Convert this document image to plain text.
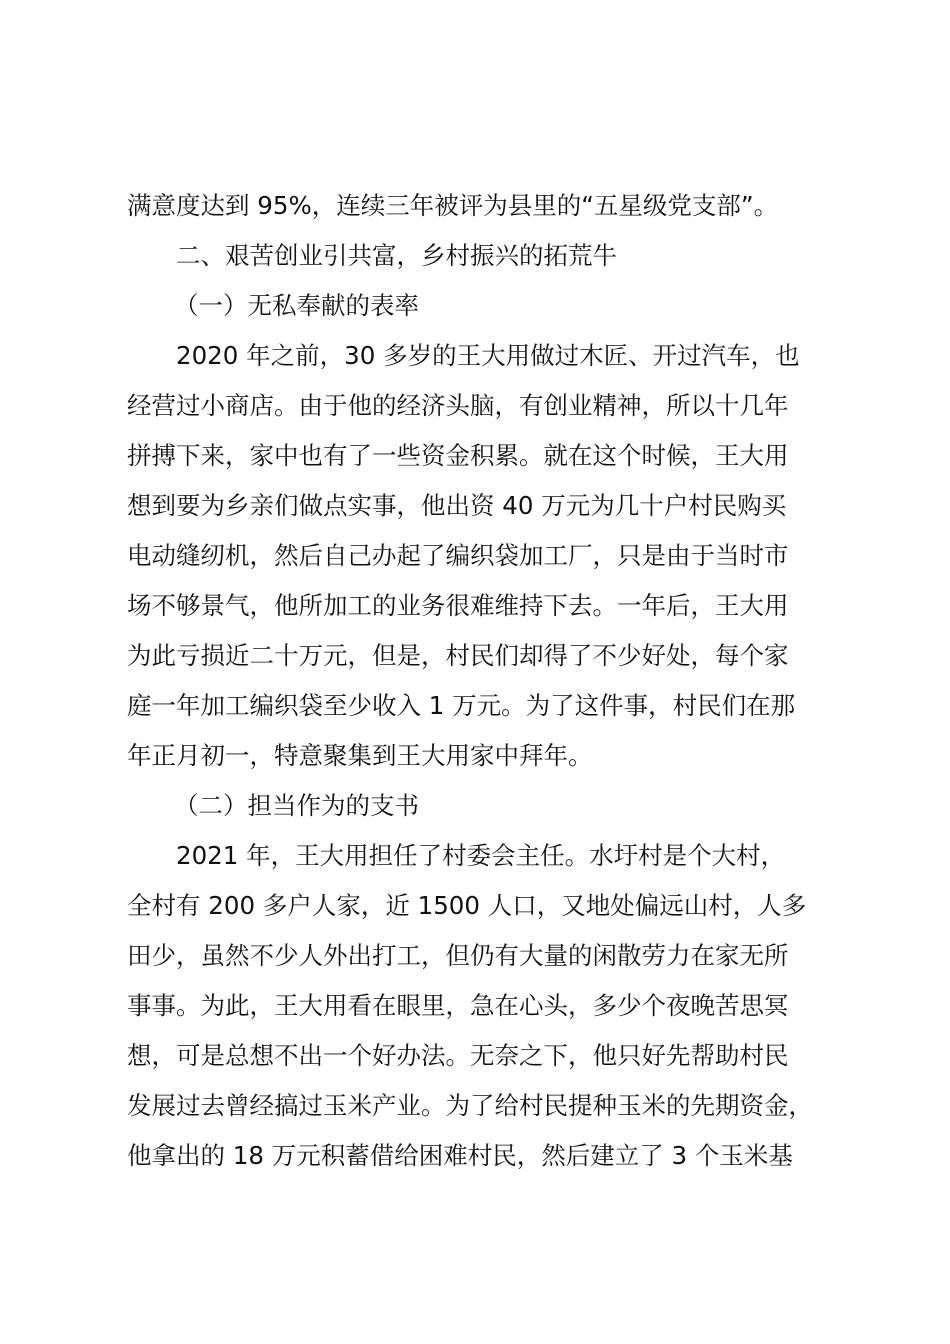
满意度达到 95%，连续三年被评为县里的“五星级党支部”。
二、艰苦创业引共富，乡村振兴的拓荒牛
（一）无私奉献的表率
2020 年之前，30 多岁的王大用做过木匠、开过汽车，也
经营过小商店。由于他的经济头脑，有创业精神，所以十几年
拼搏下来，家中也有了一些资金积累。就在这个时候，王大用
想到要为乡亲们做点实事，他出资 40 万元为几十户村民购买
电动缝纫机，然后自己办起了编织袋加工厂，只是由于当时市
场不够景气，他所加工的业务很难维持下去。一年后，王大用
为此亏损近二十万元，但是，村民们却得了不少好处，每个家
庭一年加工编织袋至少收入 1 万元。为了这件事，村民们在那
年正月初一，特意聚集到王大用家中拜年。
（二）担当作为的支书
2021 年，王大用担任了村委会主任。水圩村是个大村，
全村有 200 多户人家，近 1500 人口，又地处偏远山村，人多
田少，虽然不少人外出打工，但仍有大量的闲散劳力在家无所
事事。为此，王大用看在眼里，急在心头，多少个夜晚苦思冥
想，可是总想不出一个好办法。无奈之下，他只好先帮助村民
发展过去曾经搞过玉米产业。为了给村民提种玉米的先期资金，
他拿出的 18 万元积蓄借给困难村民，然后建立了 3 个玉米基
